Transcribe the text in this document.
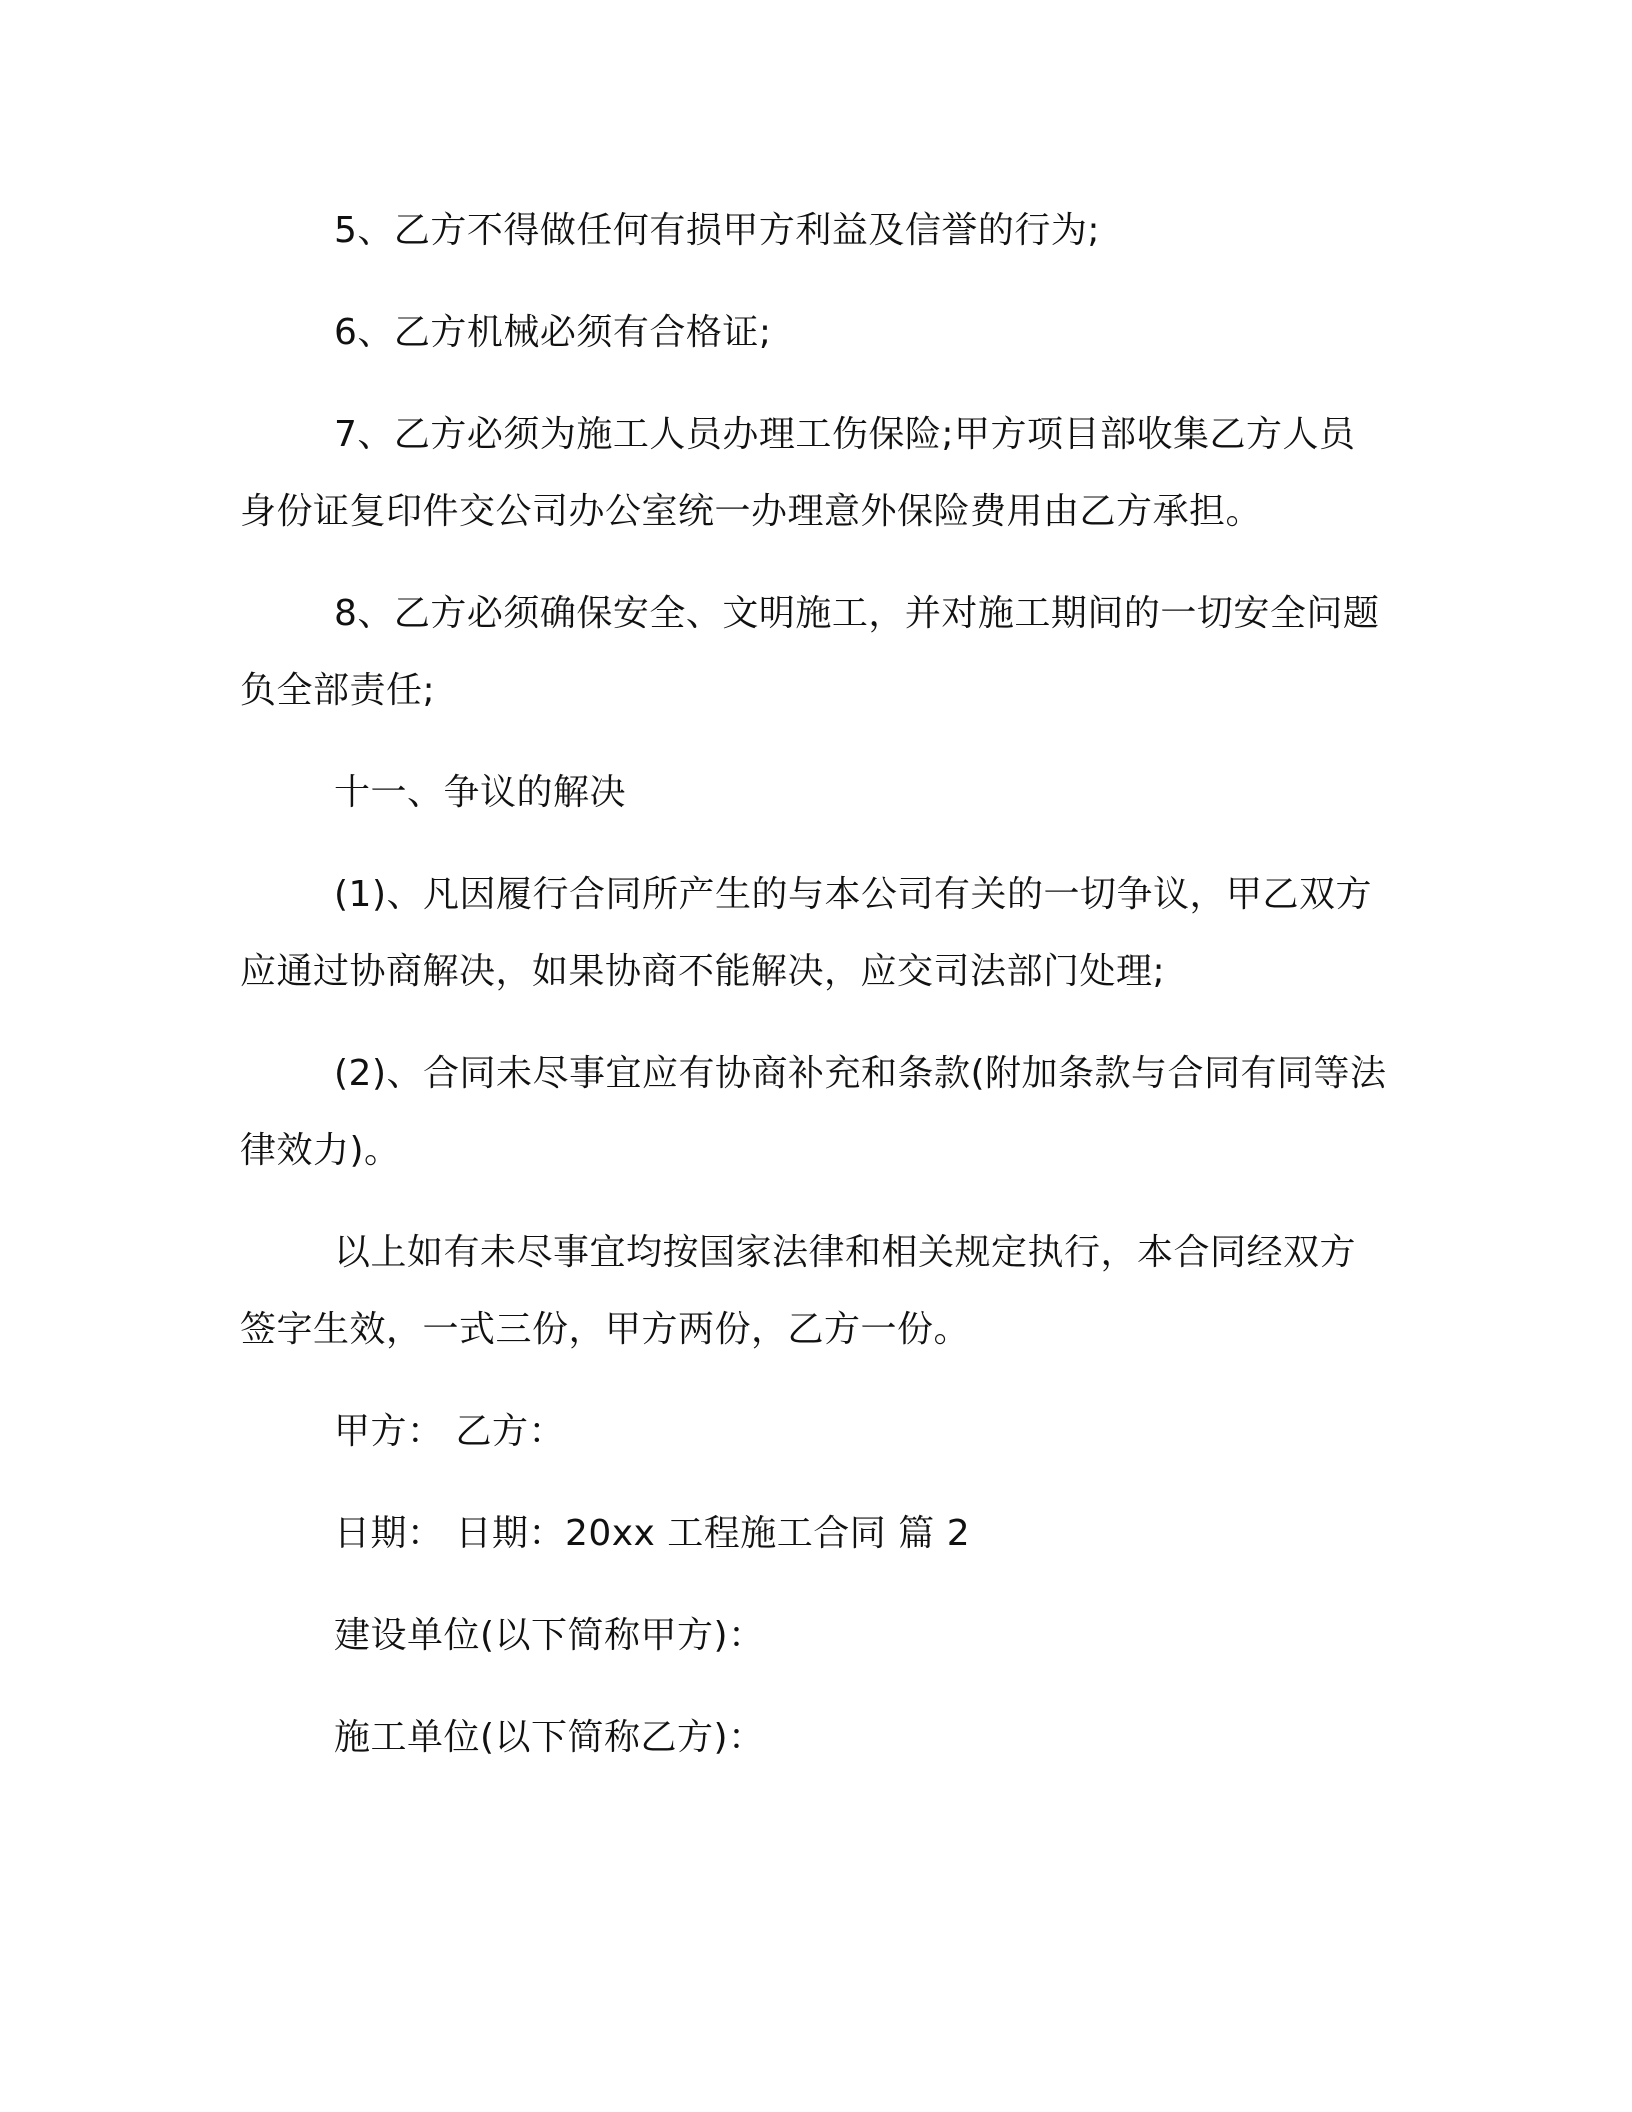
5、乙方不得做任何有损甲方利益及信誉的行为;

6、乙方机械必须有合格证;

7、乙方必须为施工人员办理工伤保险;甲方项目部收集乙方人员身份证复印件交公司办公室统一办理意外保险费用由乙方承担。

8、乙方必须确保安全、文明施工，并对施工期间的一切安全问题负全部责任;

十一、争议的解决

(1)、凡因履行合同所产生的与本公司有关的一切争议，甲乙双方应通过协商解决，如果协商不能解决，应交司法部门处理;

(2)、合同未尽事宜应有协商补充和条款(附加条款与合同有同等法律效力)。

以上如有未尽事宜均按国家法律和相关规定执行，本合同经双方签字生效，一式三份，甲方两份，乙方一份。

甲方： 乙方：

日期： 日期：20xx 工程施工合同 篇 2

建设单位(以下简称甲方)：

施工单位(以下简称乙方)：
